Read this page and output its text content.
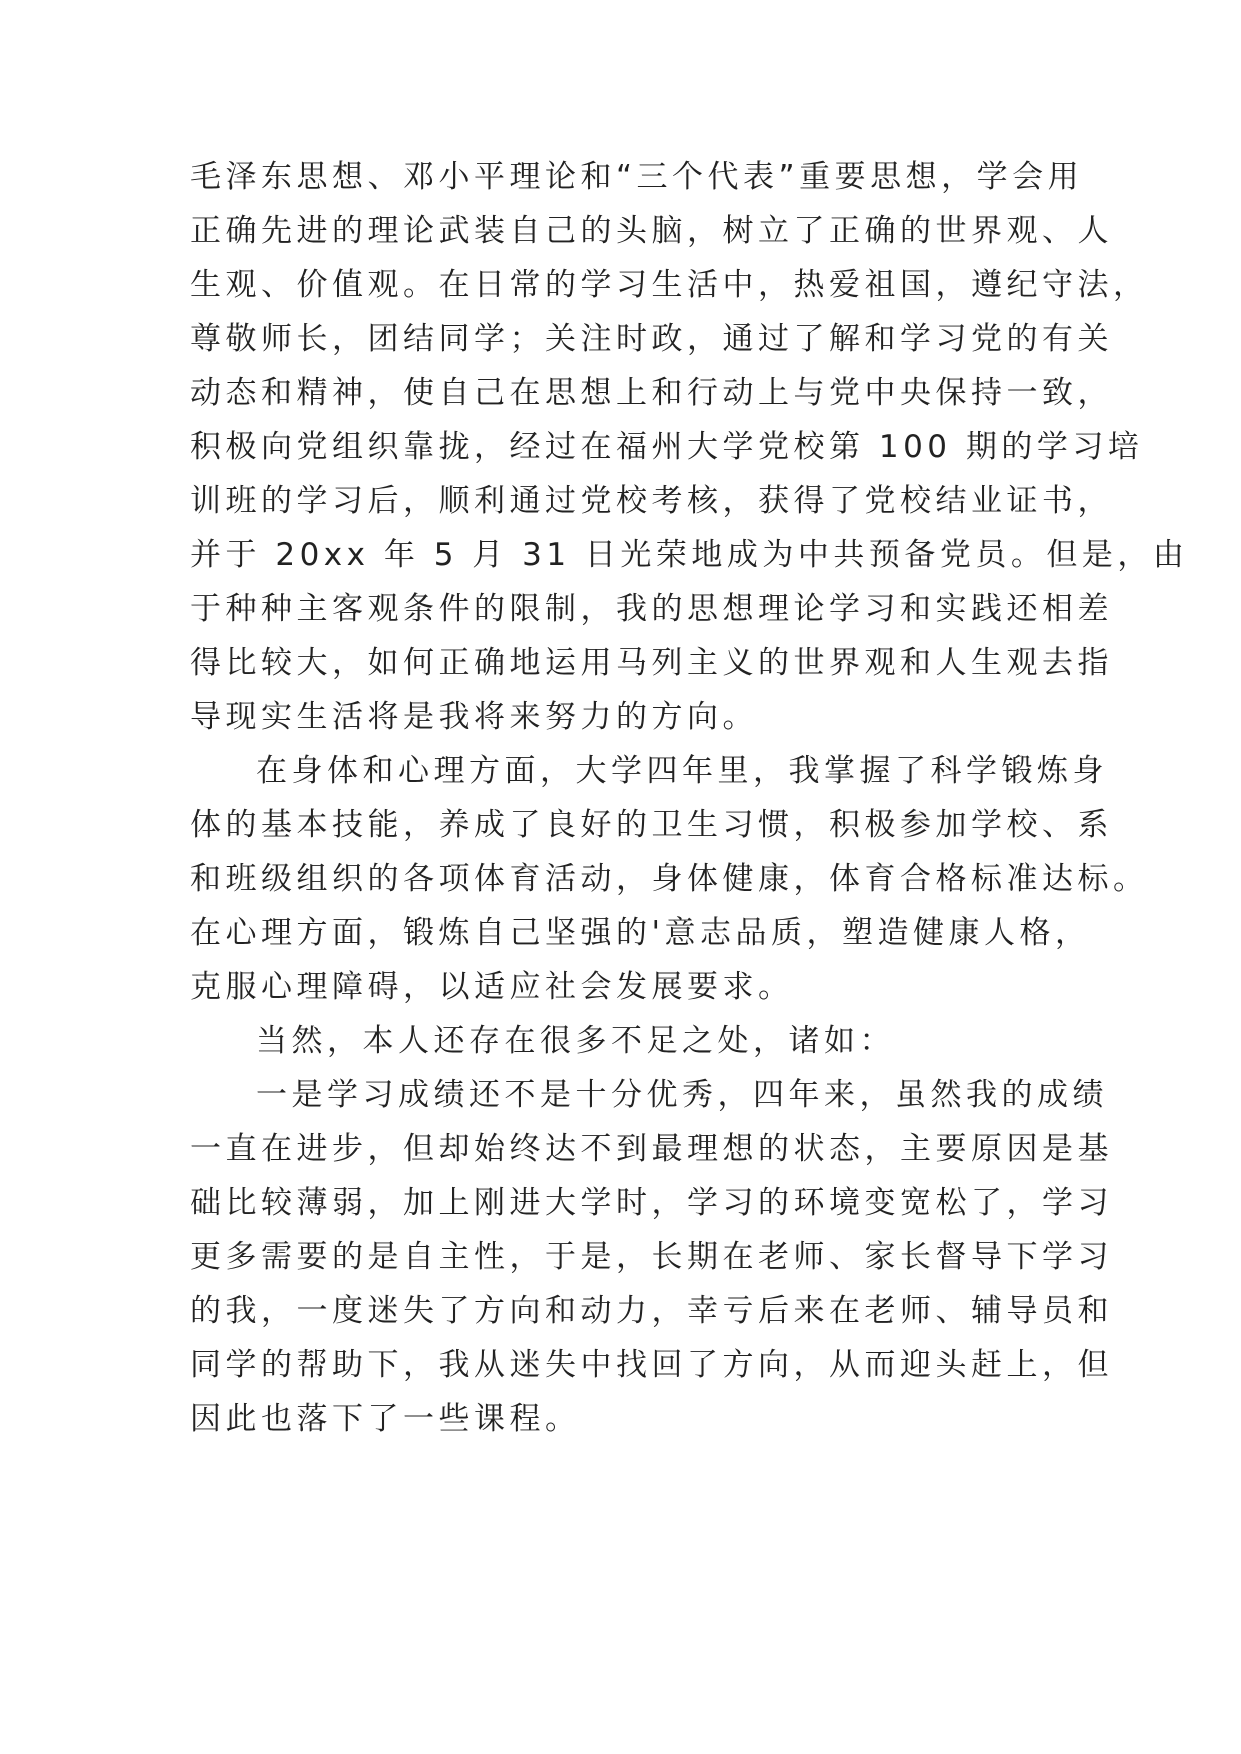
毛泽东思想、邓小平理论和“三个代表”重要思想，学会用
正确先进的理论武装自己的头脑，树立了正确的世界观、人
生观、价值观。在日常的学习生活中，热爱祖国，遵纪守法，
尊敬师长，团结同学；关注时政，通过了解和学习党的有关
动态和精神，使自己在思想上和行动上与党中央保持一致，
积极向党组织靠拢，经过在福州大学党校第 100 期的学习培
训班的学习后，顺利通过党校考核，获得了党校结业证书，
并于 20xx 年 5 月 31 日光荣地成为中共预备党员。但是，由
于种种主客观条件的限制，我的思想理论学习和实践还相差
得比较大，如何正确地运用马列主义的世界观和人生观去指
导现实生活将是我将来努力的方向。
在身体和心理方面，大学四年里，我掌握了科学锻炼身
体的基本技能，养成了良好的卫生习惯，积极参加学校、系
和班级组织的各项体育活动，身体健康，体育合格标准达标。
在心理方面，锻炼自己坚强的'意志品质，塑造健康人格，
克服心理障碍，以适应社会发展要求。
当然，本人还存在很多不足之处，诸如：
一是学习成绩还不是十分优秀，四年来，虽然我的成绩
一直在进步，但却始终达不到最理想的状态，主要原因是基
础比较薄弱，加上刚进大学时，学习的环境变宽松了，学习
更多需要的是自主性，于是，长期在老师、家长督导下学习
的我，一度迷失了方向和动力，幸亏后来在老师、辅导员和
同学的帮助下，我从迷失中找回了方向，从而迎头赶上，但
因此也落下了一些课程。
